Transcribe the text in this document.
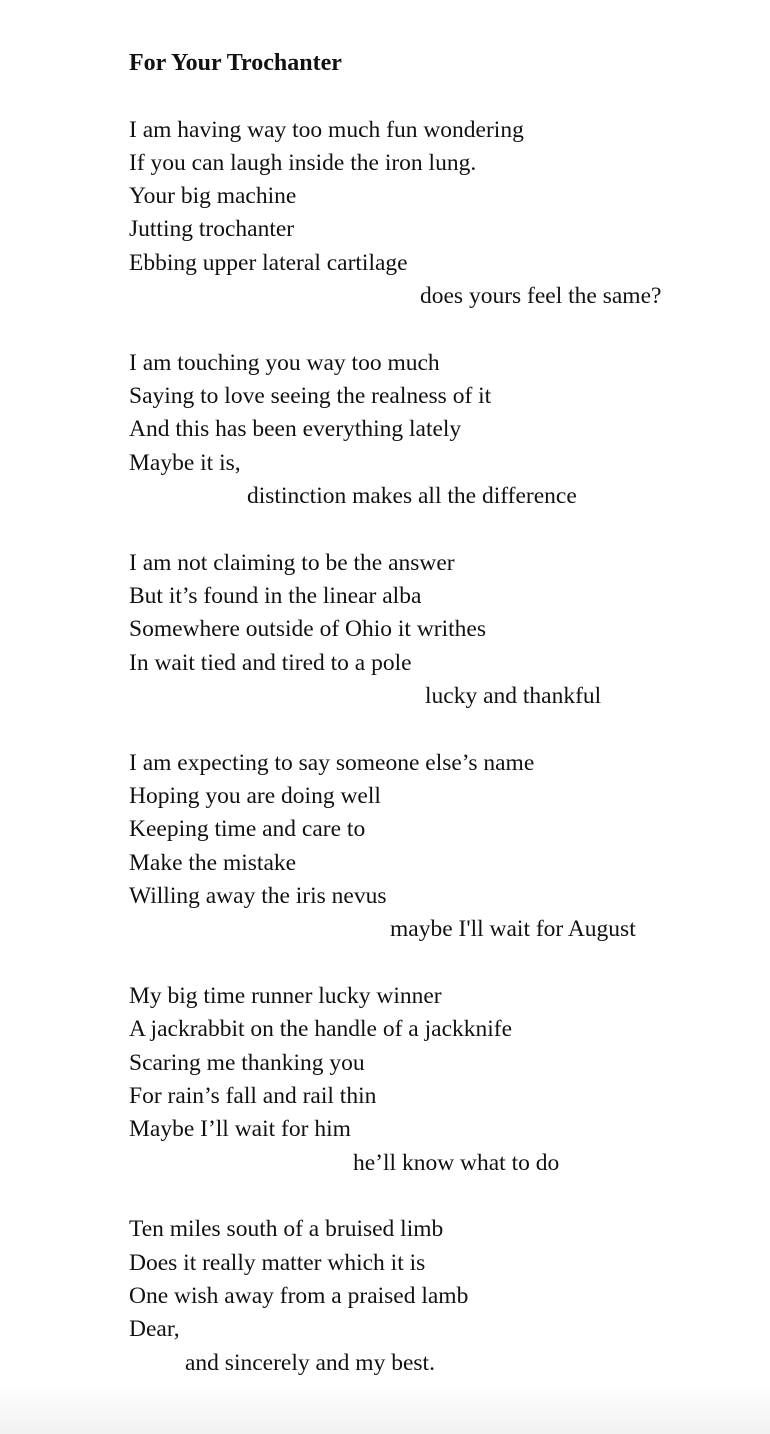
For Your Trochanter

I am having way too much fun wondering

If you can laugh inside the iron lung.

Your big machine

Jutting trochanter

Ebbing upper lateral cartilage

does yours feel the same?

I am touching you way too much

Saying to love seeing the realness of it

And this has been everything lately

Maybe it is,

distinction makes all the difference

I am not claiming to be the answer

But it’s found in the linear alba

Somewhere outside of Ohio it writhes

In wait tied and tired to a pole

lucky and thankful

I am expecting to say someone else’s name

Hoping you are doing well

Keeping time and care to

Make the mistake

Willing away the iris nevus

maybe I'll wait for August

My big time runner lucky winner

A jackrabbit on the handle of a jackknife

Scaring me thanking you

For rain’s fall and rail thin

Maybe I’ll wait for him

he’ll know what to do

Ten miles south of a bruised limb

Does it really matter which it is

One wish away from a praised lamb

Dear,

and sincerely and my best.
